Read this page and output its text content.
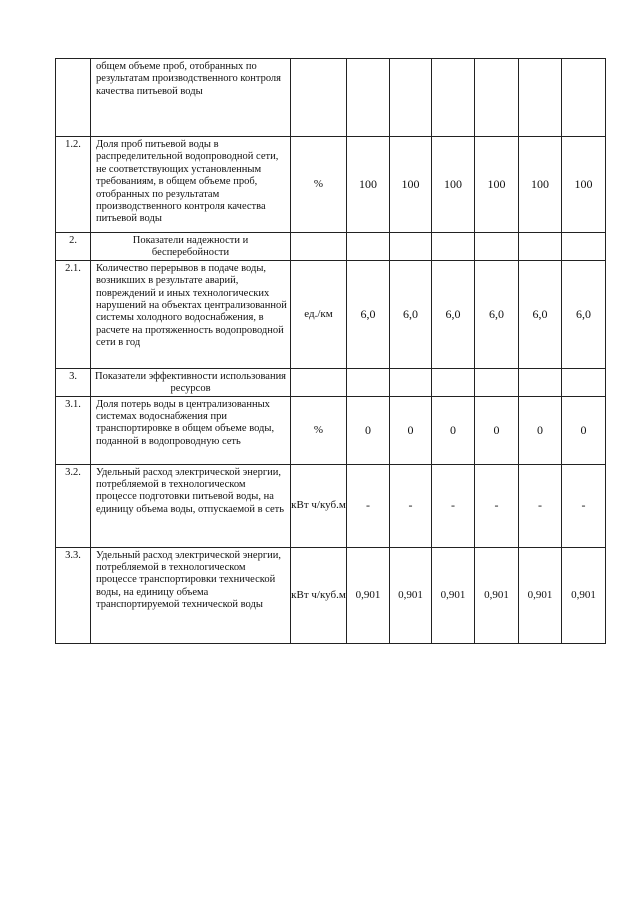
	общем объеме проб, отобранных по результатам производственного контроля качества питьевой воды							
1.2.	Доля проб питьевой воды в распределительной водопроводной сети, не соответствующих установленным требованиям, в общем объеме проб, отобранных по результатам производственного контроля качества питьевой воды	%	100	100	100	100	100	100
2.	Показатели надежности и бесперебойности							
2.1.	Количество перерывов в подаче воды, возникших в результате аварий, повреждений и иных технологических нарушений на объектах централизованной системы холодного водоснабжения, в расчете на протяженность водопроводной сети в год	ед./км	6,0	6,0	6,0	6,0	6,0	6,0
3.	Показатели эффективности использования ресурсов							
3.1.	Доля потерь воды в централизованных системах водоснабжения при транспортировке в общем объеме воды, поданной в водопроводную сеть	%	0	0	0	0	0	0
3.2.	Удельный расход электрической энергии, потребляемой в технологическом процессе подготовки питьевой воды, на единицу объема воды, отпускаемой в сеть	кВт ч/куб.м	-	-	-	-	-	-
3.3.	Удельный расход электрической энергии, потребляемой в технологическом процессе транспортировки технической воды, на единицу объема транспортируемой технической воды	кВт ч/куб.м	0,901	0,901	0,901	0,901	0,901	0,901
